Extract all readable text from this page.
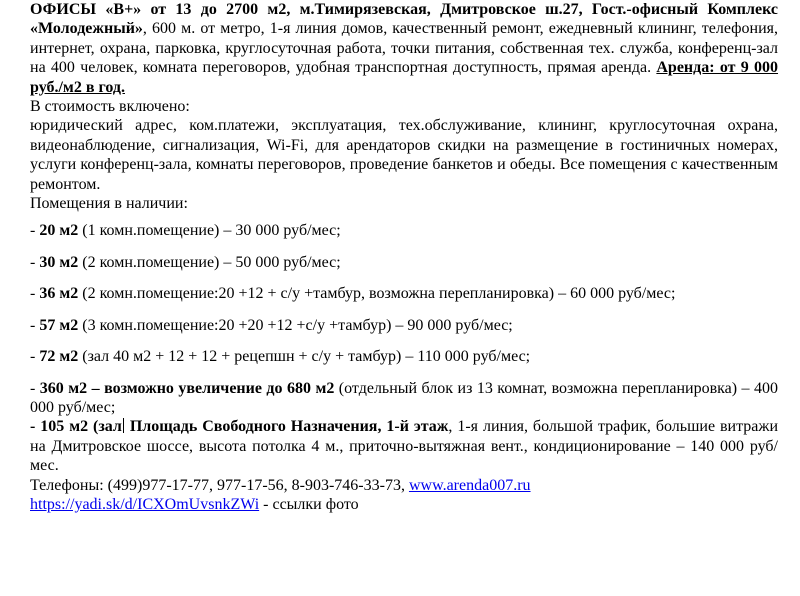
ОФИСЫ «В+» от 13 до 2700 м2, м.Тимирязевская, Дмитровское ш.27, Гост.-офисный Комплекс «Молодежный», 600 м. от метро, 1-я линия домов, качественный ремонт, ежедневный клининг, телефония, интернет, охрана, парковка, круглосуточная работа, точки питания, собственная тех. служба, конференц-зал на 400 человек, комната переговоров, удобная транспортная доступность, прямая аренда. Аренда: от 9 000 руб./м2 в год.

В стоимость включено:

юридический адрес, ком.платежи, эксплуатация, тех.обслуживание, клининг, круглосуточная охрана, видеонаблюдение, сигнализация, Wi-Fi, для арендаторов скидки на размещение в гостиничных номерах, услуги конференц-зала, комнаты переговоров, проведение банкетов и обеды. Все помещения с качественным ремонтом.

Помещения в наличии:

- 20 м2 (1 комн.помещение) – 30 000 руб/мес;

- 30 м2 (2 комн.помещение) – 50 000 руб/мес;

- 36 м2 (2 комн.помещение:20 +12 + с/у +тамбур, возможна перепланировка) – 60 000 руб/мес;

- 57 м2 (3 комн.помещение:20 +20 +12 +с/у +тамбур) – 90 000 руб/мес;

- 72 м2 (зал 40 м2 + 12 + 12 + рецепшн + с/у + тамбур) – 110 000 руб/мес;

- 360 м2 – возможно увеличение до 680 м2 (отдельный блок из 13 комнат, возможна перепланировка) – 400 000 руб/мес;

- 105 м2 (зал Площадь Свободного Назначения, 1-й этаж, 1-я линия, большой трафик, большие витражи на Дмитровское шоссе, высота потолка 4 м., приточно-вытяжная вент., кондиционирование – 140 000 руб/мес.

Телефоны: (499)977-17-77, 977-17-56, 8-903-746-33-73, www.arenda007.ru

https://yadi.sk/d/ICXOmUvsnkZWi - ссылки фото
